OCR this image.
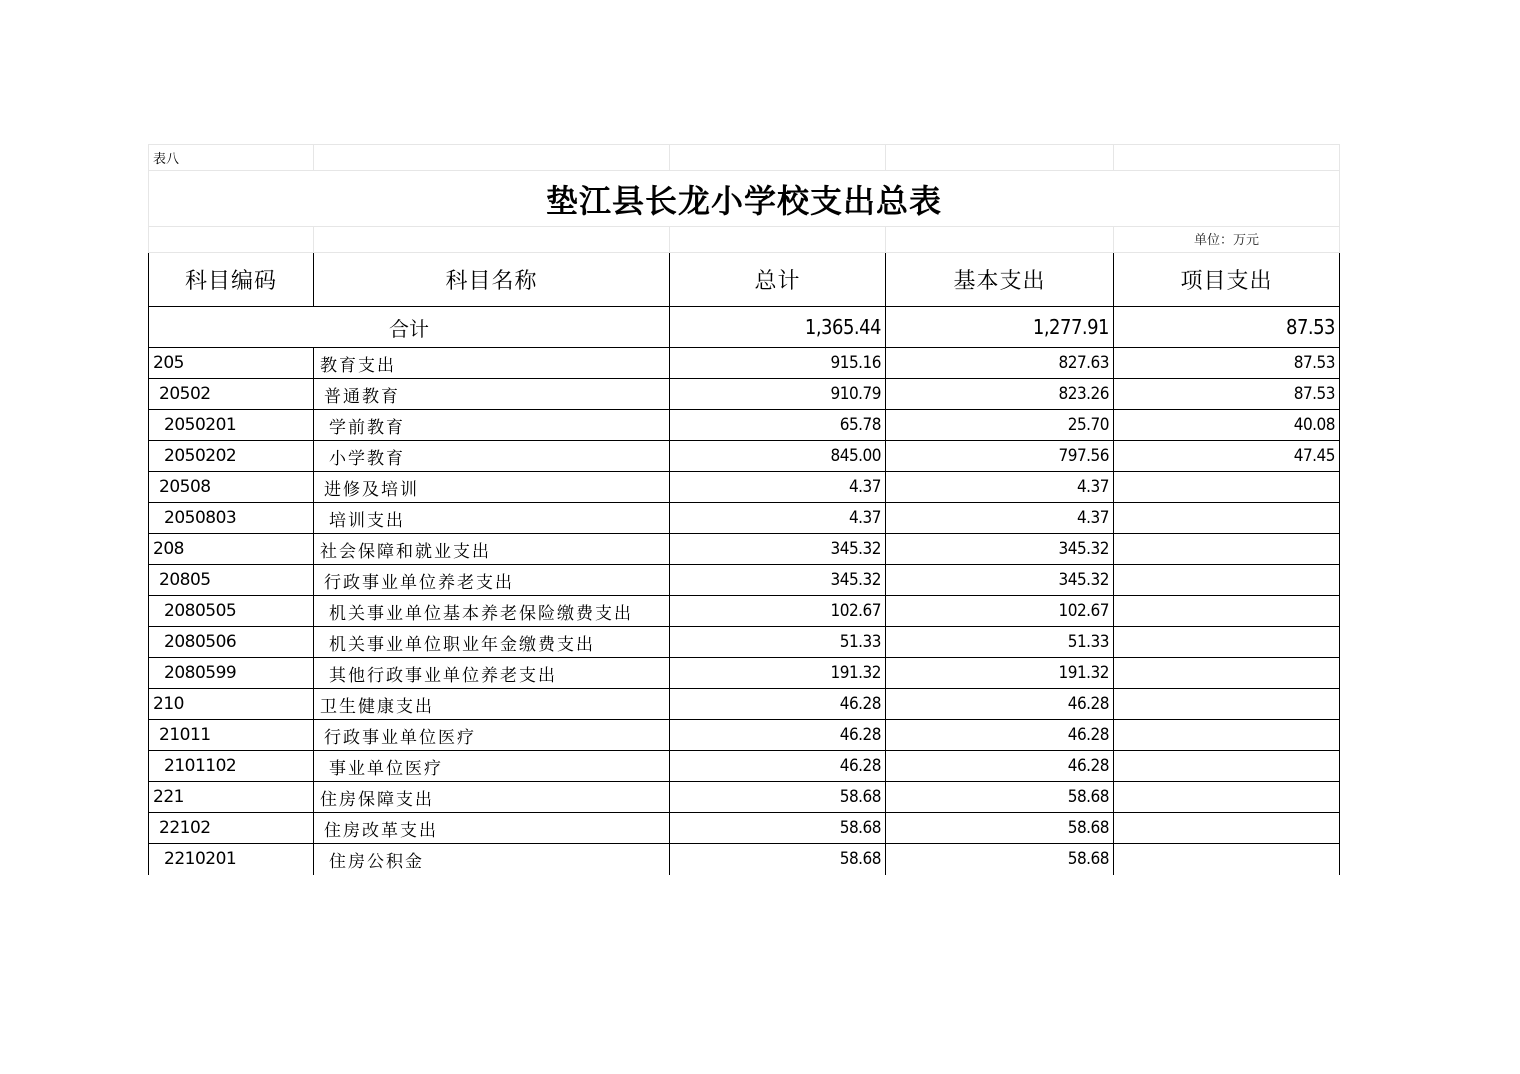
表八				
垫江县长龙小学校支出总表				
				单位：万元
科目编码	科目名称	总计	基本支出	项目支出
合计		1,365.44	1,277.91	87.53
205	教育支出	915.16	827.63	87.53
20502	普通教育	910.79	823.26	87.53
2050201	学前教育	65.78	25.70	40.08
2050202	小学教育	845.00	797.56	47.45
20508	进修及培训	4.37	4.37	
2050803	培训支出	4.37	4.37	
208	社会保障和就业支出	345.32	345.32	
20805	行政事业单位养老支出	345.32	345.32	
2080505	机关事业单位基本养老保险缴费支出	102.67	102.67	
2080506	机关事业单位职业年金缴费支出	51.33	51.33	
2080599	其他行政事业单位养老支出	191.32	191.32	
210	卫生健康支出	46.28	46.28	
21011	行政事业单位医疗	46.28	46.28	
2101102	事业单位医疗	46.28	46.28	
221	住房保障支出	58.68	58.68	
22102	住房改革支出	58.68	58.68	
2210201	住房公积金	58.68	58.68	
